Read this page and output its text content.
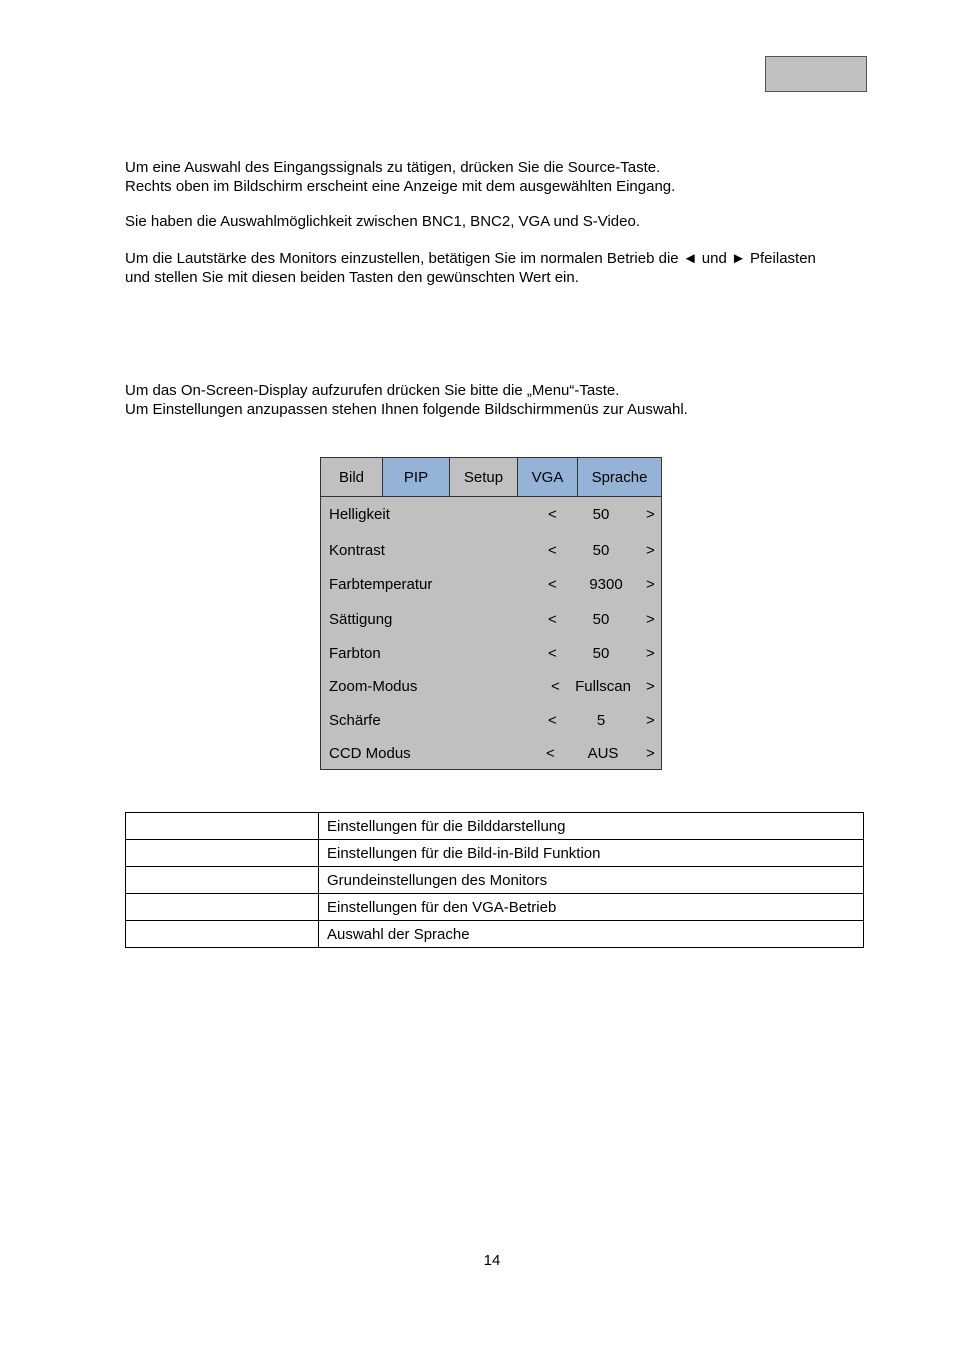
Um eine Auswahl des Eingangssignals zu tätigen, drücken Sie die Source-Taste.
Rechts oben im Bildschirm erscheint eine Anzeige mit dem ausgewählten Eingang.

Sie haben die Auswahlmöglichkeit zwischen BNC1, BNC2, VGA und S-Video.

Um die Lautstärke des Monitors einzustellen, betätigen Sie im normalen Betrieb die ◄ und ► Pfeilasten
und stellen Sie mit diesen beiden Tasten den gewünschten Wert ein.

Um das On-Screen-Display aufzurufen drücken Sie bitte die „Menu“-Taste.
Um Einstellungen anzupassen stehen Ihnen folgende Bildschirmmenüs zur Auswahl.

Bild	PIP	Setup	VGA	Sprache
Helligkeit	<	50	>
Kontrast	<	50	>
Farbtemperatur	<	9300	>
Sättigung	<	50	>
Farbton	<	50	>
Zoom-Modus	<	Fullscan	>
Schärfe	<	5	>
CCD Modus	<	AUS	>
	Einstellungen für die Bilddarstellung
	Einstellungen für die Bild-in-Bild Funktion
	Grundeinstellungen des Monitors
	Einstellungen für den VGA-Betrieb
	Auswahl der Sprache
14
